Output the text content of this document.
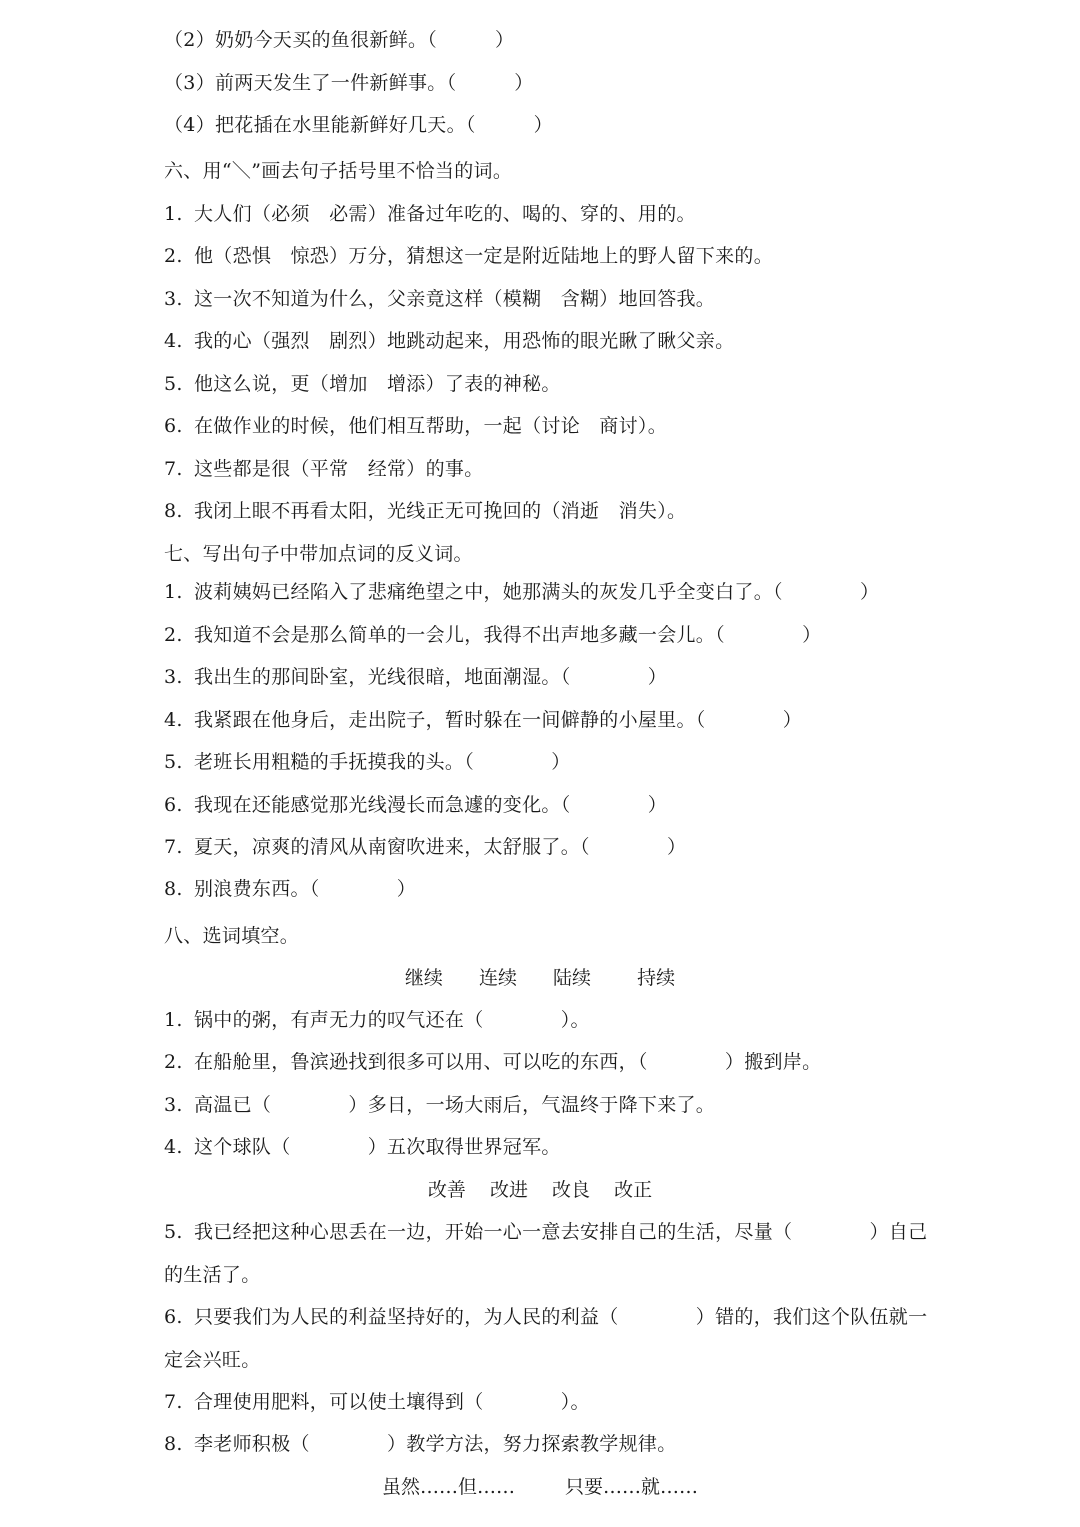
（2）奶奶今天买的鱼很新鲜。（　　　）
（3）前两天发生了一件新鲜事。（　　　）
（4）把花插在水里能新鲜好几天。（　　　）
六、用“＼”画去句子括号里不恰当的词。
1. 大人们（必须　必需）准备过年吃的、喝的、穿的、用的。
2. 他（恐惧　惊恐）万分，猜想这一定是附近陆地上的野人留下来的。
3. 这一次不知道为什么，父亲竟这样（模糊　含糊）地回答我。
4. 我的心（强烈　剧烈）地跳动起来，用恐怖的眼光瞅了瞅父亲。
5. 他这么说，更（增加　增添）了表的神秘。
6. 在做作业的时候，他们相互帮助，一起（讨论　商讨）。
7. 这些都是很（平常　经常）的事。
8. 我闭上眼不再看太阳，光线正无可挽回的（消逝　消失）。
七、写出句子中带加点词的反义词。
1. 波莉姨妈已经陷入了悲痛绝望之中，她那满头的灰发几乎全变白了。（　　　　）
2. 我知道不会是那么简单的一会儿，我得不出声地多藏一会儿。（　　　　）
3. 我出生的那间卧室，光线很暗，地面潮湿。（　　　　）
4. 我紧跟在他身后，走出院子，暂时躲在一间僻静的小屋里。（　　　　）
5. 老班长用粗糙的手抚摸我的头。（　　　　）
6. 我现在还能感觉那光线漫长而急遽的变化。（　　　　）
7. 夏天，凉爽的清风从南窗吹进来，太舒服了。（　　　　）
8. 别浪费东西。（　　　　）
八、选词填空。
继续 连续 陆续 持续
1. 锅中的粥，有声无力的叹气还在（　　　　）。
2. 在船舱里，鲁滨逊找到很多可以用、可以吃的东西，（　　　　）搬到岸。
3. 高温已（　　　　）多日，一场大雨后，气温终于降下来了。
4. 这个球队（　　　　）五次取得世界冠军。
改善 改进 改良 改正
5. 我已经把这种心思丢在一边，开始一心一意去安排自己的生活，尽量（　　　　）自己
的生活了。
6. 只要我们为人民的利益坚持好的，为人民的利益（　　　　）错的，我们这个队伍就一
定会兴旺。
7. 合理使用肥料，可以使土壤得到（　　　　）。
8. 李老师积极（　　　　）教学方法，努力探索教学规律。
虽然……但……	只要……就……
